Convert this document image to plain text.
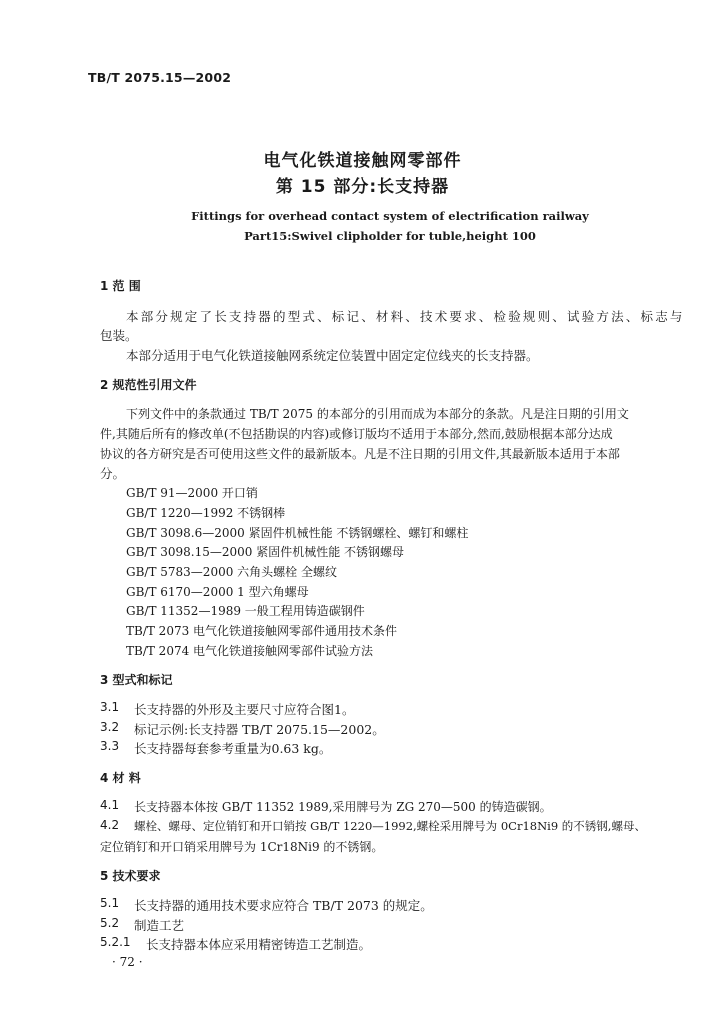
TB/T 2075.15—2002
电气化铁道接触网零部件
第 15 部分:长支持器
Fittings for overhead contact system of electrification railway
Part15:Swivel clipholder for tuble,height 100
1 范 围
本部分规定了长支持器的型式、标记、材料、技术要求、检验规则、试验方法、标志与
包装。
本部分适用于电气化铁道接触网系统定位装置中固定定位线夹的长支持器。
2 规范性引用文件
下列文件中的条款通过 TB/T 2075 的本部分的引用而成为本部分的条款。凡是注日期的引用文
件,其随后所有的修改单(不包括勘误的内容)或修订版均不适用于本部分,然而,鼓励根据本部分达成
协议的各方研究是否可使用这些文件的最新版本。凡是不注日期的引用文件,其最新版本适用于本部
分。
GB/T 91—2000 开口销
GB/T 1220—1992 不锈钢棒
GB/T 3098.6—2000 紧固件机械性能 不锈钢螺栓、螺钉和螺柱
GB/T 3098.15—2000 紧固件机械性能 不锈钢螺母
GB/T 5783—2000 六角头螺栓 全螺纹
GB/T 6170—2000 1 型六角螺母
GB/T 11352—1989 一般工程用铸造碳钢件
TB/T 2073 电气化铁道接触网零部件通用技术条件
TB/T 2074 电气化铁道接触网零部件试验方法
3 型式和标记
3.1 长支持器的外形及主要尺寸应符合图1。
3.2 标记示例:长支持器 TB/T 2075.15—2002。
3.3 长支持器每套参考重量为0.63 kg。
4 材 料
4.1 长支持器本体按 GB/T 11352 1989,采用牌号为 ZG 270—500 的铸造碳钢。
4.2 螺栓、螺母、定位销钉和开口销按 GB/T 1220—1992,螺栓采用牌号为 0Cr18Ni9 的不锈钢,螺母、
定位销钉和开口销采用牌号为 1Cr18Ni9 的不锈钢。
5 技术要求
5.1 长支持器的通用技术要求应符合 TB/T 2073 的规定。
5.2 制造工艺
5.2.1 长支持器本体应采用精密铸造工艺制造。
· 72 ·
